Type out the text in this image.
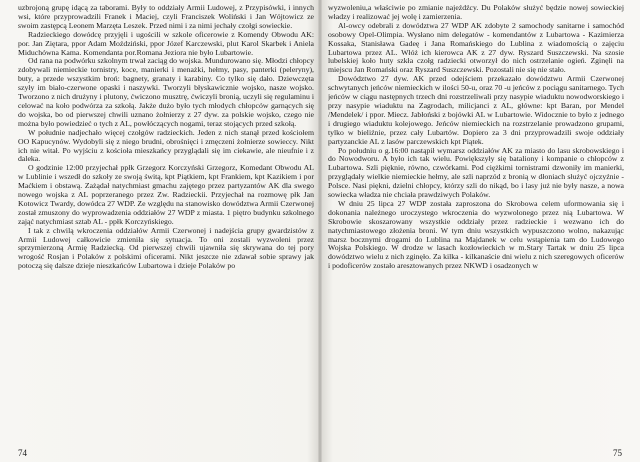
uzbrojoną grupę idącą za taborami. Były to oddziały Armii Ludowej, z Przypisówki, i innych wsi, które przyprowadzili Franek i Maciej, czyli Franciszek Woliński i Jan Wójtowicz ze swoim zastępcą Leonem Marzęta Leszek. Przed nimi i za nimi jechały czołgi sowieckie.

Radzieckiego dowódcę przyjęli i ugościli w szkole oficerowie z Komendy Obwodu AK: por. Jan Ziętara, ppor Adam Moździński, ppor Józef Karczewski, plut Karol Skarbek i Aniela Miduchówna Kama. Komendanta por.Romana Jeziora nie było Lubartowie.

Od rana na podwórku szkolnym trwał zaciąg do wojska. Mundurowano się. Młodzi chłopcy zdobywali niemieckie tornistry, koce, manierki i menażki, hełmy, pasy, panterki (peleryny), buty, a przede wszystkim broń: bagnety, granaty i karabiny. Co tylko się dało. Dziewczęta szyły im biało-czerwone opaski i naszywki. Tworzyli błyskawicznie wojsko, nasze wojsko. Tworzono z nich drużyny i plutony, ćwiczono musztrę, ćwiczyli bronią, uczyli się regulaminu i celować na koło podwórza za szkołą. Jakże dużo było tych młodych chłopców garnących się do wojska, bo od pierwszej chwili uznano żołnierzy z 27 dyw. za polskie wojsko, czego nie można było powiedzieć o tych z AL, powłóczących nogami, teraz stojących przed szkołą.

W południe nadjechało więcej czołgów radzieckich. Jeden z nich stanął przed kościołem OO Kapucynów. Wydobyli się z niego brudni, obrośnięci i zmęczeni żołnierze sowieccy. Nikt ich nie witał. Po wyjściu z kościoła mieszkańcy przyglądali się im ciekawie, ale nieufnie i z daleka.

O godzinie 12:00 przyjechał ppłk Grzegorz Korczyński Grzegorz, Komedant Obwodu AL w Lublinie i wszedł do szkoły ze swoją świtą, kpt Piątkiem, kpt Frankiem, kpt Kazikiem i por Maćkiem i obstawą. Zażądał natychmiast gmachu zajętego przez partyzantów AK dla swego nowego wojska z AL poprzeranego przez Zw. Radzieckii. Przyjechał na rozmowę płk Jan Kotowicz Twardy, dowódca 27 WDP. Ze względu na stanowisko dowództwa Armii Czerwonej został zmuszony do wyprowadzenia oddziałów 27 WDP z miasta. 1 piętro budynku szkolnego zająć natychmiast sztab AL - ppłk Korczyńskiego.

I tak z chwilą wkroczenia oddziałów Armii Czerwonej i nadejścia grupy gwardzistów z Armii Ludowej całkowicie zmieniła się sytuacja. To oni zostali wyzwoleni przez sprzymierzoną Armię Radziecką. Od pierwszej chwili ujawniła się skrywana do tej pory wrogość Rosjan i Polaków z polskimi oficerami. Nikt jeszcze nie zdawał sobie sprawy jak potoczą się dalsze dzieje nieszkańców Lubartowa i dzieje Polaków po

74

wyzwoleniu,a właściwie po zmianie najeźdźcy. Du Polaków służyć będzie nowej sowieckiej władzy i realizować jej wolę i zamierzenia.

Al-owcy odebrali z dowództwa 27 WDP AK zdobyte 2 samochody sanitarne i samochód osobowy Opel-Olimpia. Wysłano nim delegatów - komendantów z Lubartowa - Kazimierza Kossaka, Stanisława Gadeę i Jana Romańskiego do Lublina z wiadomością o zajęciu Lubartowa przez AL. Włóż ich kierowca AK z 27 dyw. Ryszard Suszczewski. Na szosie lubelskiej koło huty szkła czołg radziecki otworzył do nich ostrzelanie ogień. Zginęli na miejscu Jan Romański oraz Ryszard Suszczewski. Pozostali nie się nie stało.

Dowództwo 27 dyw. AK przed odejściem przekazało dowództwu Armii Czerwonej schwytanych jeńców niemieckich w ilości 50-u, oraz 70 -u jeńców z pociągu sanitarnego. Tych jeńców w ciągu następnych trzech dni rozstrzeliwali przy nasypie wiaduktu nowodworskiego i przy nasypie wiaduktu na Zagrodach, milicjanci z AL, główne: kpt Baran, por Mendel /Mendelek/ i ppor. Miecz. Jabłoński z bojówki AL w Lubartowie. Widocznie to było z jednego i drugiego wiaduktu kolejowego. Jeńców niemieckich na rozstrzelanie prowadzono grupami, tylko w bieliźnie, przez cały Lubartów. Dopiero za 3 dni przyprowadzili swoje oddziały partyzanckie AL z lasów parczewskich kpt Piątek.

Po południu o g.16:00 nastąpił wymarsz oddziałów AK za miasto do lasu skrobowskiego i do Nowodworu. A było ich tak wielu. Powiększyły się bataliony i kompanie o chłopców z Lubartowa. Szli pięknie, równo, czwórkami. Pod ciężkimi tornistrami dzwoniły im manierki, przyglądały wielkie niemieckie hełmy, ale szli naprzód z bronią w dłoniach służyć ojczyźnie - Polsce. Nasi piękni, dzielni chłopcy, którzy szli do nikąd, bo i lasy już nie były nasze, a nowa sowiecka władza nie chciała prawdziwych Polaków.

W dniu 25 lipca 27 WDP została zaproszona do Skrobowa celem uformowania się i dokonania należnego uroczystego wkroczenia do wyzwolonego przez nią Lubartowa. W Skrobowie skoszarowany wszystkie oddziały przez radzieckie i wezwano ich do natychmiastowego złożenia broni. W tym dniu wszystkich wypuszczono wolno, nakazując marsz bocznymi drogami do Lublina na Majdanek w celu wstąpienia tam do Ludowego Wojska Polskiego. W drodze w lasach kozłowieckich w m.Stary Tartak w dniu 25 lipca dowództwo wielu z nich zginęło. Za kilka - kilkanaście dni wielu z nich szeregowych oficerów i podoficerów zostało aresztowanych przez NKWD i osadzonych w

75
